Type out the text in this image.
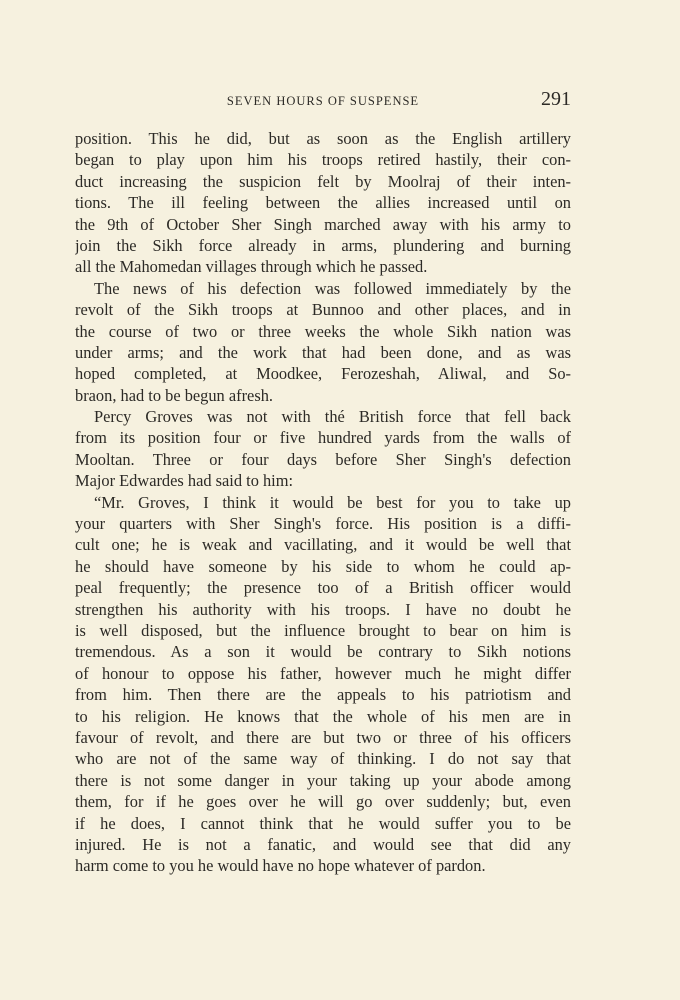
SEVEN HOURS OF SUSPENSE	291
position. This he did, but as soon as the English artillery
began to play upon him his troops retired hastily, their con-
duct increasing the suspicion felt by Moolraj of their inten-
tions. The ill feeling between the allies increased until on
the 9th of October Sher Singh marched away with his army to
join the Sikh force already in arms, plundering and burning
all the Mahomedan villages through which he passed.
The news of his defection was followed immediately by the
revolt of the Sikh troops at Bunnoo and other places, and in
the course of two or three weeks the whole Sikh nation was
under arms; and the work that had been done, and as was
hoped completed, at Moodkee, Ferozeshah, Aliwal, and So-
braon, had to be begun afresh.
Percy Groves was not with thé British force that fell back
from its position four or five hundred yards from the walls of
Mooltan. Three or four days before Sher Singh's defection
Major Edwardes had said to him:
“Mr. Groves, I think it would be best for you to take up
your quarters with Sher Singh's force. His position is a diffi-
cult one; he is weak and vacillating, and it would be well that
he should have someone by his side to whom he could ap-
peal frequently; the presence too of a British officer would
strengthen his authority with his troops. I have no doubt he
is well disposed, but the influence brought to bear on him is
tremendous. As a son it would be contrary to Sikh notions
of honour to oppose his father, however much he might differ
from him. Then there are the appeals to his patriotism and
to his religion. He knows that the whole of his men are in
favour of revolt, and there are but two or three of his officers
who are not of the same way of thinking. I do not say that
there is not some danger in your taking up your abode among
them, for if he goes over he will go over suddenly; but, even
if he does, I cannot think that he would suffer you to be
injured. He is not a fanatic, and would see that did any
harm come to you he would have no hope whatever of pardon.
